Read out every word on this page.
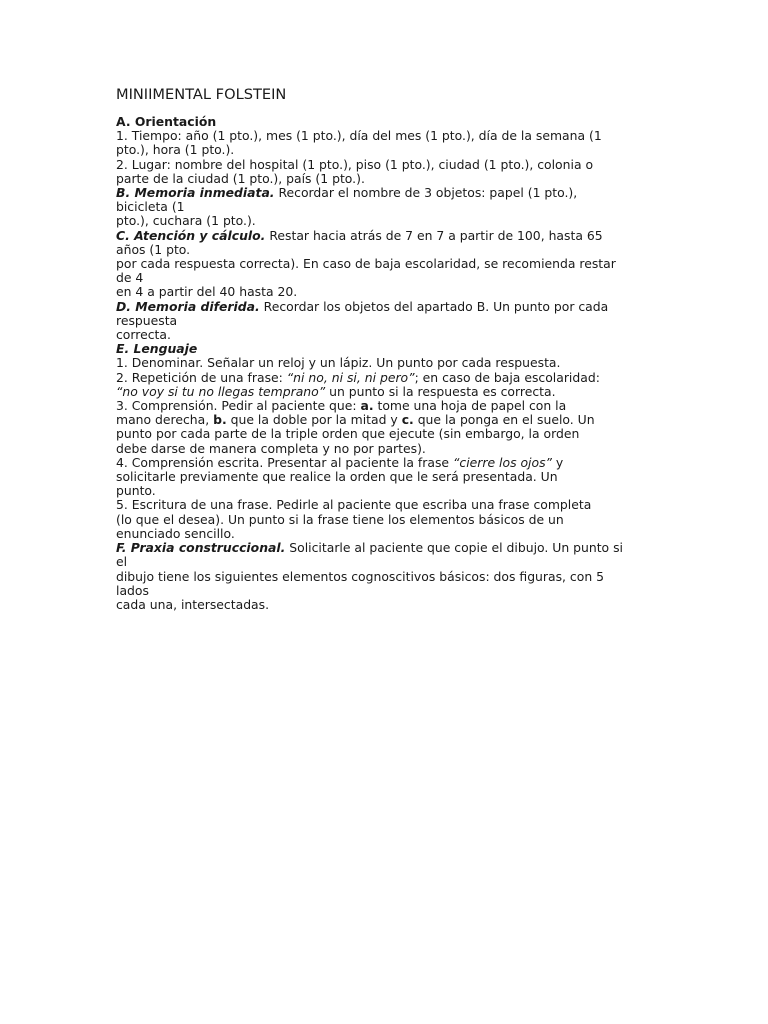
MINIIMENTAL FOLSTEIN
A. Orientación
1. Tiempo: año (1 pto.), mes (1 pto.), día del mes (1 pto.), día de la semana (1
pto.), hora (1 pto.).
2. Lugar: nombre del hospital (1 pto.), piso (1 pto.), ciudad (1 pto.), colonia o
parte de la ciudad (1 pto.), país (1 pto.).
B. Memoria inmediata. Recordar el nombre de 3 objetos: papel (1 pto.),
bicicleta (1
pto.), cuchara (1 pto.).
C. Atención y cálculo. Restar hacia atrás de 7 en 7 a partir de 100, hasta 65
años (1 pto.
por cada respuesta correcta). En caso de baja escolaridad, se recomienda restar
de 4
en 4 a partir del 40 hasta 20.
D. Memoria diferida. Recordar los objetos del apartado B. Un punto por cada
respuesta
correcta.
E. Lenguaje
1. Denominar. Señalar un reloj y un lápiz. Un punto por cada respuesta.
2. Repetición de una frase: “ni no, ni si, ni pero”; en caso de baja escolaridad:
“no voy si tu no llegas temprano” un punto si la respuesta es correcta.
3. Comprensión. Pedir al paciente que: a. tome una hoja de papel con la
mano derecha, b. que la doble por la mitad y c. que la ponga en el suelo. Un
punto por cada parte de la triple orden que ejecute (sin embargo, la orden
debe darse de manera completa y no por partes).
4. Comprensión escrita. Presentar al paciente la frase “cierre los ojos” y
solicitarle previamente que realice la orden que le será presentada. Un
punto.
5. Escritura de una frase. Pedirle al paciente que escriba una frase completa
(lo que el desea). Un punto si la frase tiene los elementos básicos de un
enunciado sencillo.
F. Praxia construccional. Solicitarle al paciente que copie el dibujo. Un punto si
el
dibujo tiene los siguientes elementos cognoscitivos básicos: dos figuras, con 5
lados
cada una, intersectadas.
